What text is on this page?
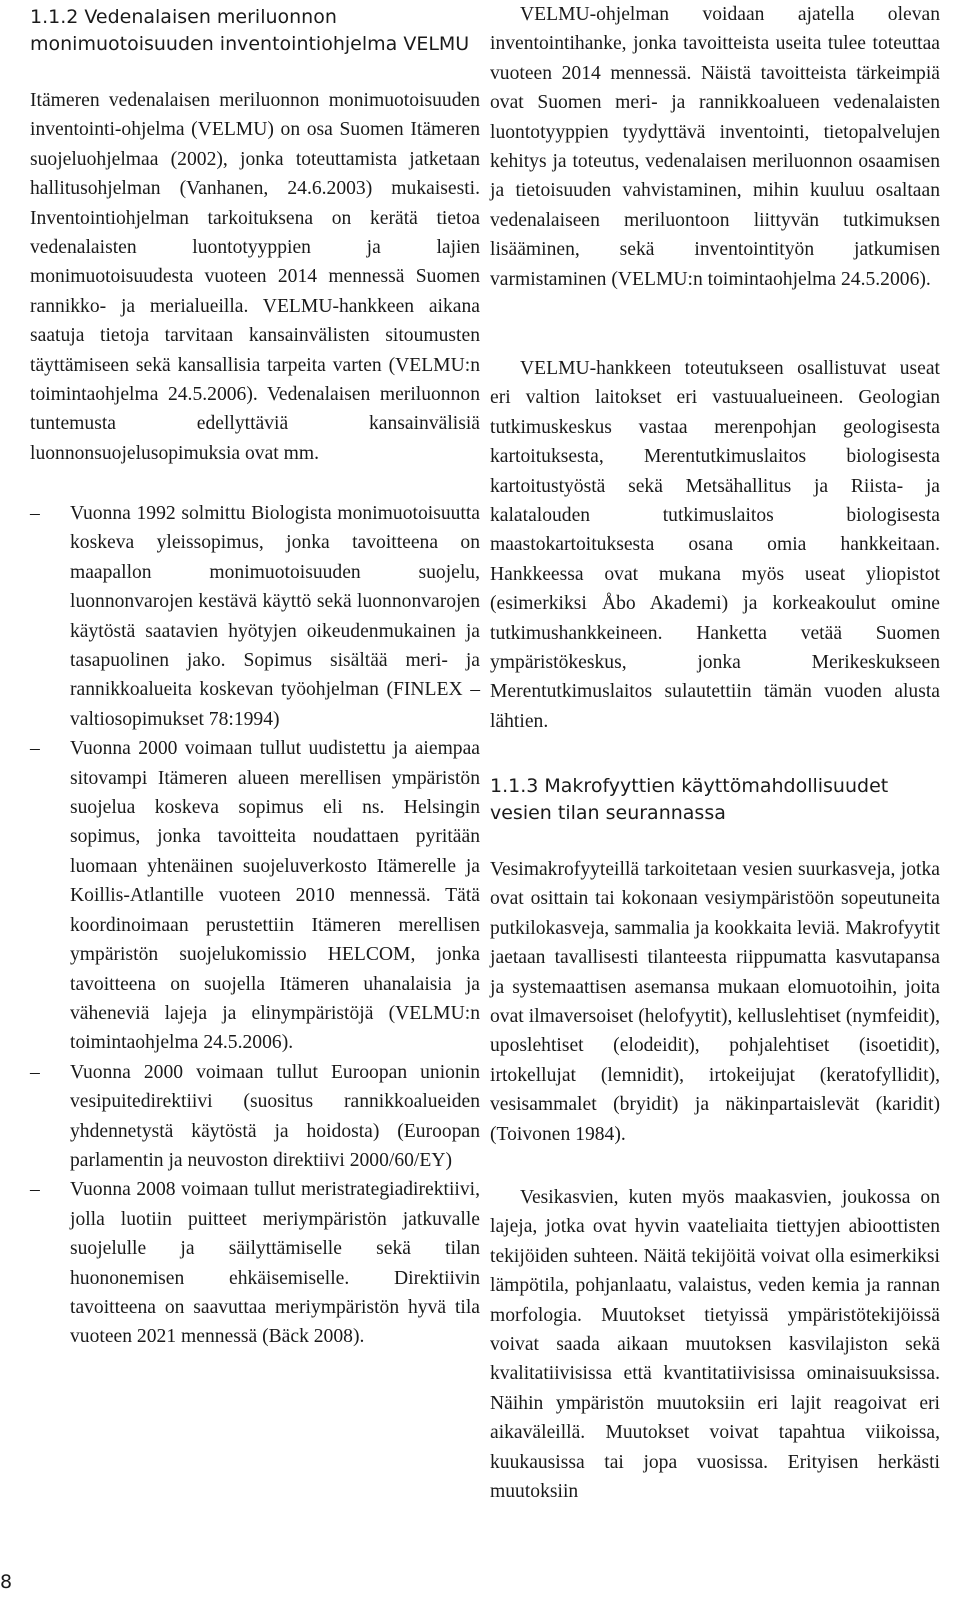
1.1.2 Vedenalaisen meriluonnon monimuotoisuuden inventointiohjelma VELMU

Itämeren vedenalaisen meriluonnon monimuotoisuuden inventointi-ohjelma (VELMU) on osa Suomen Itämeren suojeluohjelmaa (2002), jonka toteuttamista jatketaan hallitusohjelman (Vanhanen, 24.6.2003) mukaisesti. Inventointiohjelman tarkoituksena on kerätä tietoa vedenalaisten luontotyyppien ja lajien monimuotoisuudesta vuoteen 2014 mennessä Suomen rannikko- ja merialueilla. VELMU-hankkeen aikana saatuja tietoja tarvitaan kansainvälisten sitoumusten täyttämiseen sekä kansallisia tarpeita varten (VELMU:n toimintaohjelma 24.5.2006). Vedenalaisen meriluonnon tuntemusta edellyttäviä kansainvälisiä luonnonsuojelusopimuksia ovat mm.

–	Vuonna 1992 solmittu Biologista monimuotoisuutta koskeva yleissopimus, jonka tavoitteena on maapallon monimuotoisuuden suojelu, luonnonvarojen kestävä käyttö sekä luonnonvarojen käytöstä saatavien hyötyjen oikeudenmukainen ja tasapuolinen jako. Sopimus sisältää meri- ja rannikkoalueita koskevan työohjelman (FINLEX – valtiosopimukset 78:1994)
–	Vuonna 2000 voimaan tullut uudistettu ja aiempaa sitovampi Itämeren alueen merellisen ympäristön suojelua koskeva sopimus eli ns. Helsingin sopimus, jonka tavoitteita noudattaen pyritään luomaan yhtenäinen suojeluverkosto Itämerelle ja Koillis-Atlantille vuoteen 2010 mennessä. Tätä koordinoimaan perustettiin Itämeren merellisen ympäristön suojelukomissio HELCOM, jonka tavoitteena on suojella Itämeren uhanalaisia ja väheneviä lajeja ja elinympäristöjä (VELMU:n toimintaohjelma 24.5.2006).
–	Vuonna 2000 voimaan tullut Euroopan unionin vesipuitedirektiivi (suositus rannikkoalueiden yhdennetystä käytöstä ja hoidosta) (Euroopan parlamentin ja neuvoston direktiivi 2000/60/EY)
–	Vuonna 2008 voimaan tullut meristrategiadirektiivi, jolla luotiin puitteet meriympäristön jatkuvalle suojelulle ja säilyttämiselle sekä tilan huononemisen ehkäisemiselle. Direktiivin tavoitteena on saavuttaa meriympäristön hyvä tila vuoteen 2021 mennessä (Bäck 2008).

VELMU-ohjelman voidaan ajatella olevan inventointihanke, jonka tavoitteista useita tulee toteuttaa vuoteen 2014 mennessä. Näistä tavoitteista tärkeimpiä ovat Suomen meri- ja rannikkoalueen vedenalaisten luontotyyppien tyydyttävä inventointi, tietopalvelujen kehitys ja toteutus, vedenalaisen meriluonnon osaamisen ja tietoisuuden vahvistaminen, mihin kuuluu osaltaan vedenalaiseen meriluontoon liittyvän tutkimuksen lisääminen, sekä inventointityön jatkumisen varmistaminen (VELMU:n toimintaohjelma 24.5.2006).

VELMU-hankkeen toteutukseen osallistuvat useat eri valtion laitokset eri vastuualueineen. Geologian tutkimuskeskus vastaa merenpohjan geologisesta kartoituksesta, Merentutkimuslaitos biologisesta kartoitustyöstä sekä Metsähallitus ja Riista- ja kalatalouden tutkimuslaitos biologisesta maastokartoituksesta osana omia hankkeitaan. Hankkeessa ovat mukana myös useat yliopistot (esimerkiksi Åbo Akademi) ja korkeakoulut omine tutkimushankkeineen. Hanketta vetää Suomen ympäristökeskus, jonka Merikeskukseen Merentutkimuslaitos sulautettiin tämän vuoden alusta lähtien.

1.1.3 Makrofyyttien käyttömahdollisuudet vesien tilan seurannassa

Vesimakrofyyteillä tarkoitetaan vesien suurkasveja, jotka ovat osittain tai kokonaan vesiympäristöön sopeutuneita putkilokasveja, sammalia ja kookkaita leviä. Makrofyytit jaetaan tavallisesti tilanteesta riippumatta kasvutapansa ja systemaattisen asemansa mukaan elomuotoihin, joita ovat ilmaversoiset (helofyytit), kelluslehtiset (nymfeidit), uposlehtiset (elodeidit), pohjalehtiset (isoetidit), irtokellujat (lemnidit), irtokeijujat (keratofyllidit), vesisammalet (bryidit) ja näkinpartaislevät (karidit) (Toivonen 1984).

Vesikasvien, kuten myös maakasvien, joukossa on lajeja, jotka ovat hyvin vaateliaita tiettyjen abioottisten tekijöiden suhteen. Näitä tekijöitä voivat olla esimerkiksi lämpötila, pohjanlaatu, valaistus, veden kemia ja rannan morfologia. Muutokset tietyissä ympäristötekijöissä voivat saada aikaan muutoksen kasvilajiston sekä kvalitatiivisissa että kvantitatiivisissa ominaisuuksissa. Näihin ympäristön muutoksiin eri lajit reagoivat eri aikaväleillä. Muutokset voivat tapahtua viikoissa, kuukausissa tai jopa vuosissa. Erityisen herkästi muutoksiin

8
